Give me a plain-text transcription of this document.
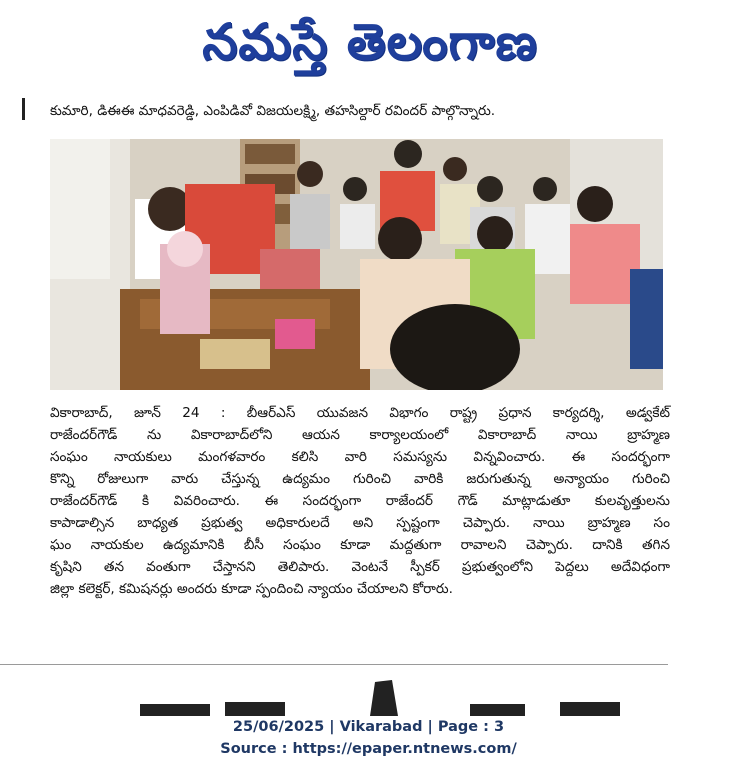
నమస్తే తెలంగాణ
కుమారి, డిఈఈ మాధవరెడ్డి, ఎంపిడివో విజయలక్ష్మి, తహసిల్దార్ రవిందర్ పాల్గొన్నారు.

వికారాబాద్, జూన్ 24 : బీఆర్ఎస్ యువజన విభాగం రాష్ట్ర ప్రధాన కార్యదర్శి, అడ్వకేట్

రాజేందర్‌గౌడ్ ను వికారాబాద్‌లోని ఆయన కార్యాలయంలో వికారాబాద్ నాయి బ్రాహ్మణ

సంఘం నాయకులు మంగళవారం కలిసి వారి సమస్యను విన్నవించారు. ఈ సందర్భంగా

కొన్ని రోజులుగా వారు చేస్తున్న ఉద్యమం గురించి వారికి జరుగుతున్న అన్యాయం గురించి

రాజేందర్‌గౌడ్ కి వివరించారు. ఈ సందర్భంగా రాజేందర్ గౌడ్ మాట్లాడుతూ కులవృత్తులను

కాపాడాల్సిన బాధ్యత ప్రభుత్వ అధికారులదే అని స్పష్టంగా చెప్పారు. నాయి బ్రాహ్మణ సం

ఘం నాయకుల ఉద్యమానికి బీసీ సంఘం కూడా మద్దతుగా రావాలని చెప్పారు. దానికి తగిన

కృషిని తన వంతుగా చేస్తానని తెలిపారు. వెంటనే స్పీకర్ ప్రభుత్వంలోని పెద్దలు అదేవిధంగా

జిల్లా కలెక్టర్, కమిషనర్లు అందరు కూడా స్పందించి న్యాయం చేయాలని కోరారు.

25/06/2025 | Vikarabad | Page : 3
Source : https://epaper.ntnews.com/
